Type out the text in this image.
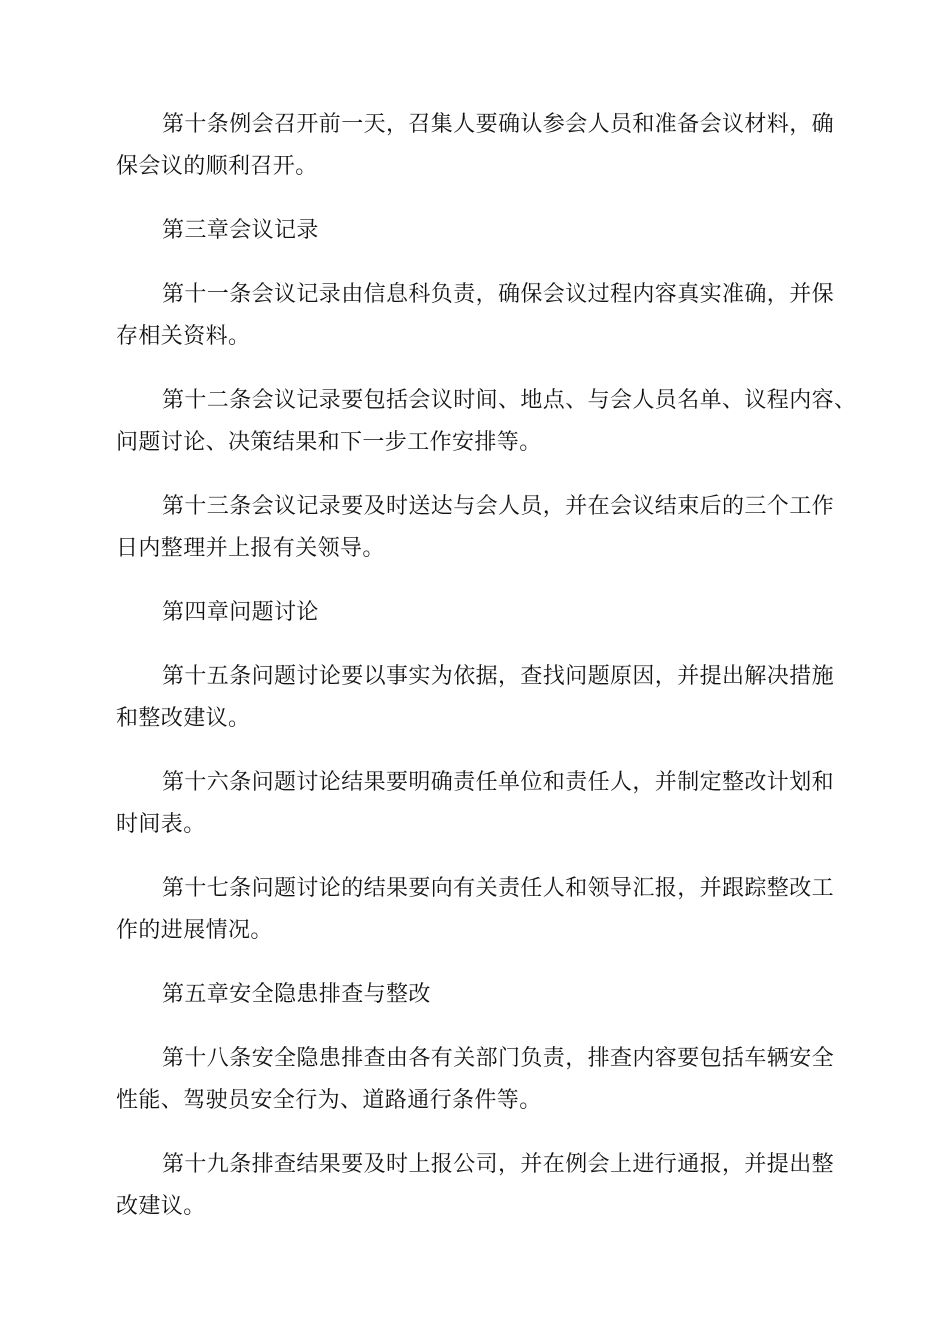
第十条例会召开前一天，召集人要确认参会人员和准备会议材料，确
保会议的顺利召开。

第三章会议记录

第十一条会议记录由信息科负责，确保会议过程内容真实准确，并保
存相关资料。

第十二条会议记录要包括会议时间、地点、与会人员名单、议程内容、
问题讨论、决策结果和下一步工作安排等。

第十三条会议记录要及时送达与会人员，并在会议结束后的三个工作
日内整理并上报有关领导。

第四章问题讨论

第十五条问题讨论要以事实为依据，查找问题原因，并提出解决措施
和整改建议。

第十六条问题讨论结果要明确责任单位和责任人，并制定整改计划和
时间表。

第十七条问题讨论的结果要向有关责任人和领导汇报，并跟踪整改工
作的进展情况。

第五章安全隐患排查与整改

第十八条安全隐患排查由各有关部门负责，排查内容要包括车辆安全
性能、驾驶员安全行为、道路通行条件等。

第十九条排查结果要及时上报公司，并在例会上进行通报，并提出整
改建议。
